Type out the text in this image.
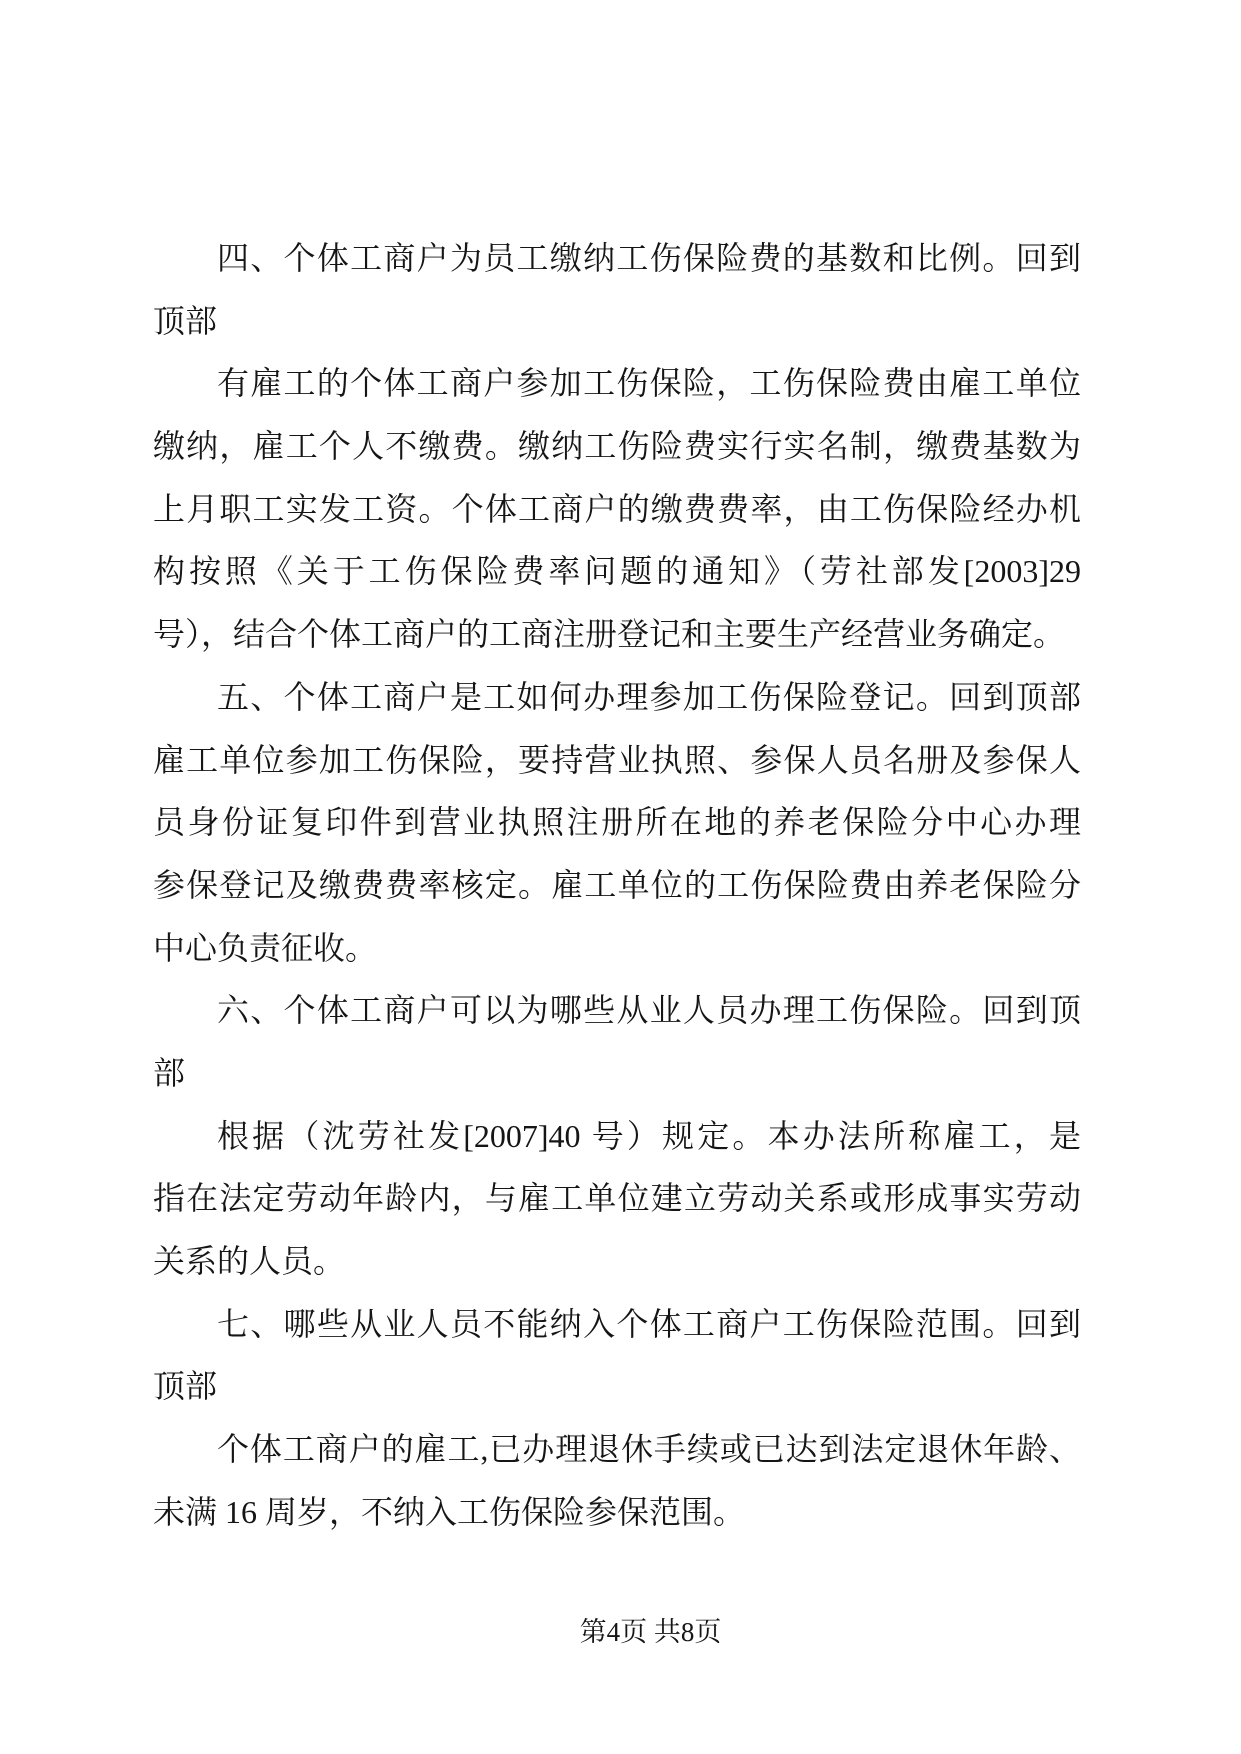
四、个体工商户为员工缴纳工伤保险费的基数和比例。回到
顶部
有雇工的个体工商户参加工伤保险，工伤保险费由雇工单位
缴纳，雇工个人不缴费。缴纳工伤险费实行实名制，缴费基数为
上月职工实发工资。个体工商户的缴费费率，由工伤保险经办机
构按照《关于工伤保险费率问题的通知》（劳社部发[2003]29
号），结合个体工商户的工商注册登记和主要生产经营业务确定。
五、个体工商户是工如何办理参加工伤保险登记。回到顶部
雇工单位参加工伤保险，要持营业执照、参保人员名册及参保人
员身份证复印件到营业执照注册所在地的养老保险分中心办理
参保登记及缴费费率核定。雇工单位的工伤保险费由养老保险分
中心负责征收。
六、个体工商户可以为哪些从业人员办理工伤保险。回到顶
部
根据（沈劳社发[2007]40 号）规定。本办法所称雇工，是
指在法定劳动年龄内，与雇工单位建立劳动关系或形成事实劳动
关系的人员。
七、哪些从业人员不能纳入个体工商户工伤保险范围。回到
顶部
个体工商户的雇工,已办理退休手续或已达到法定退休年龄、
未满 16 周岁，不纳入工伤保险参保范围。
第4页 共8页
